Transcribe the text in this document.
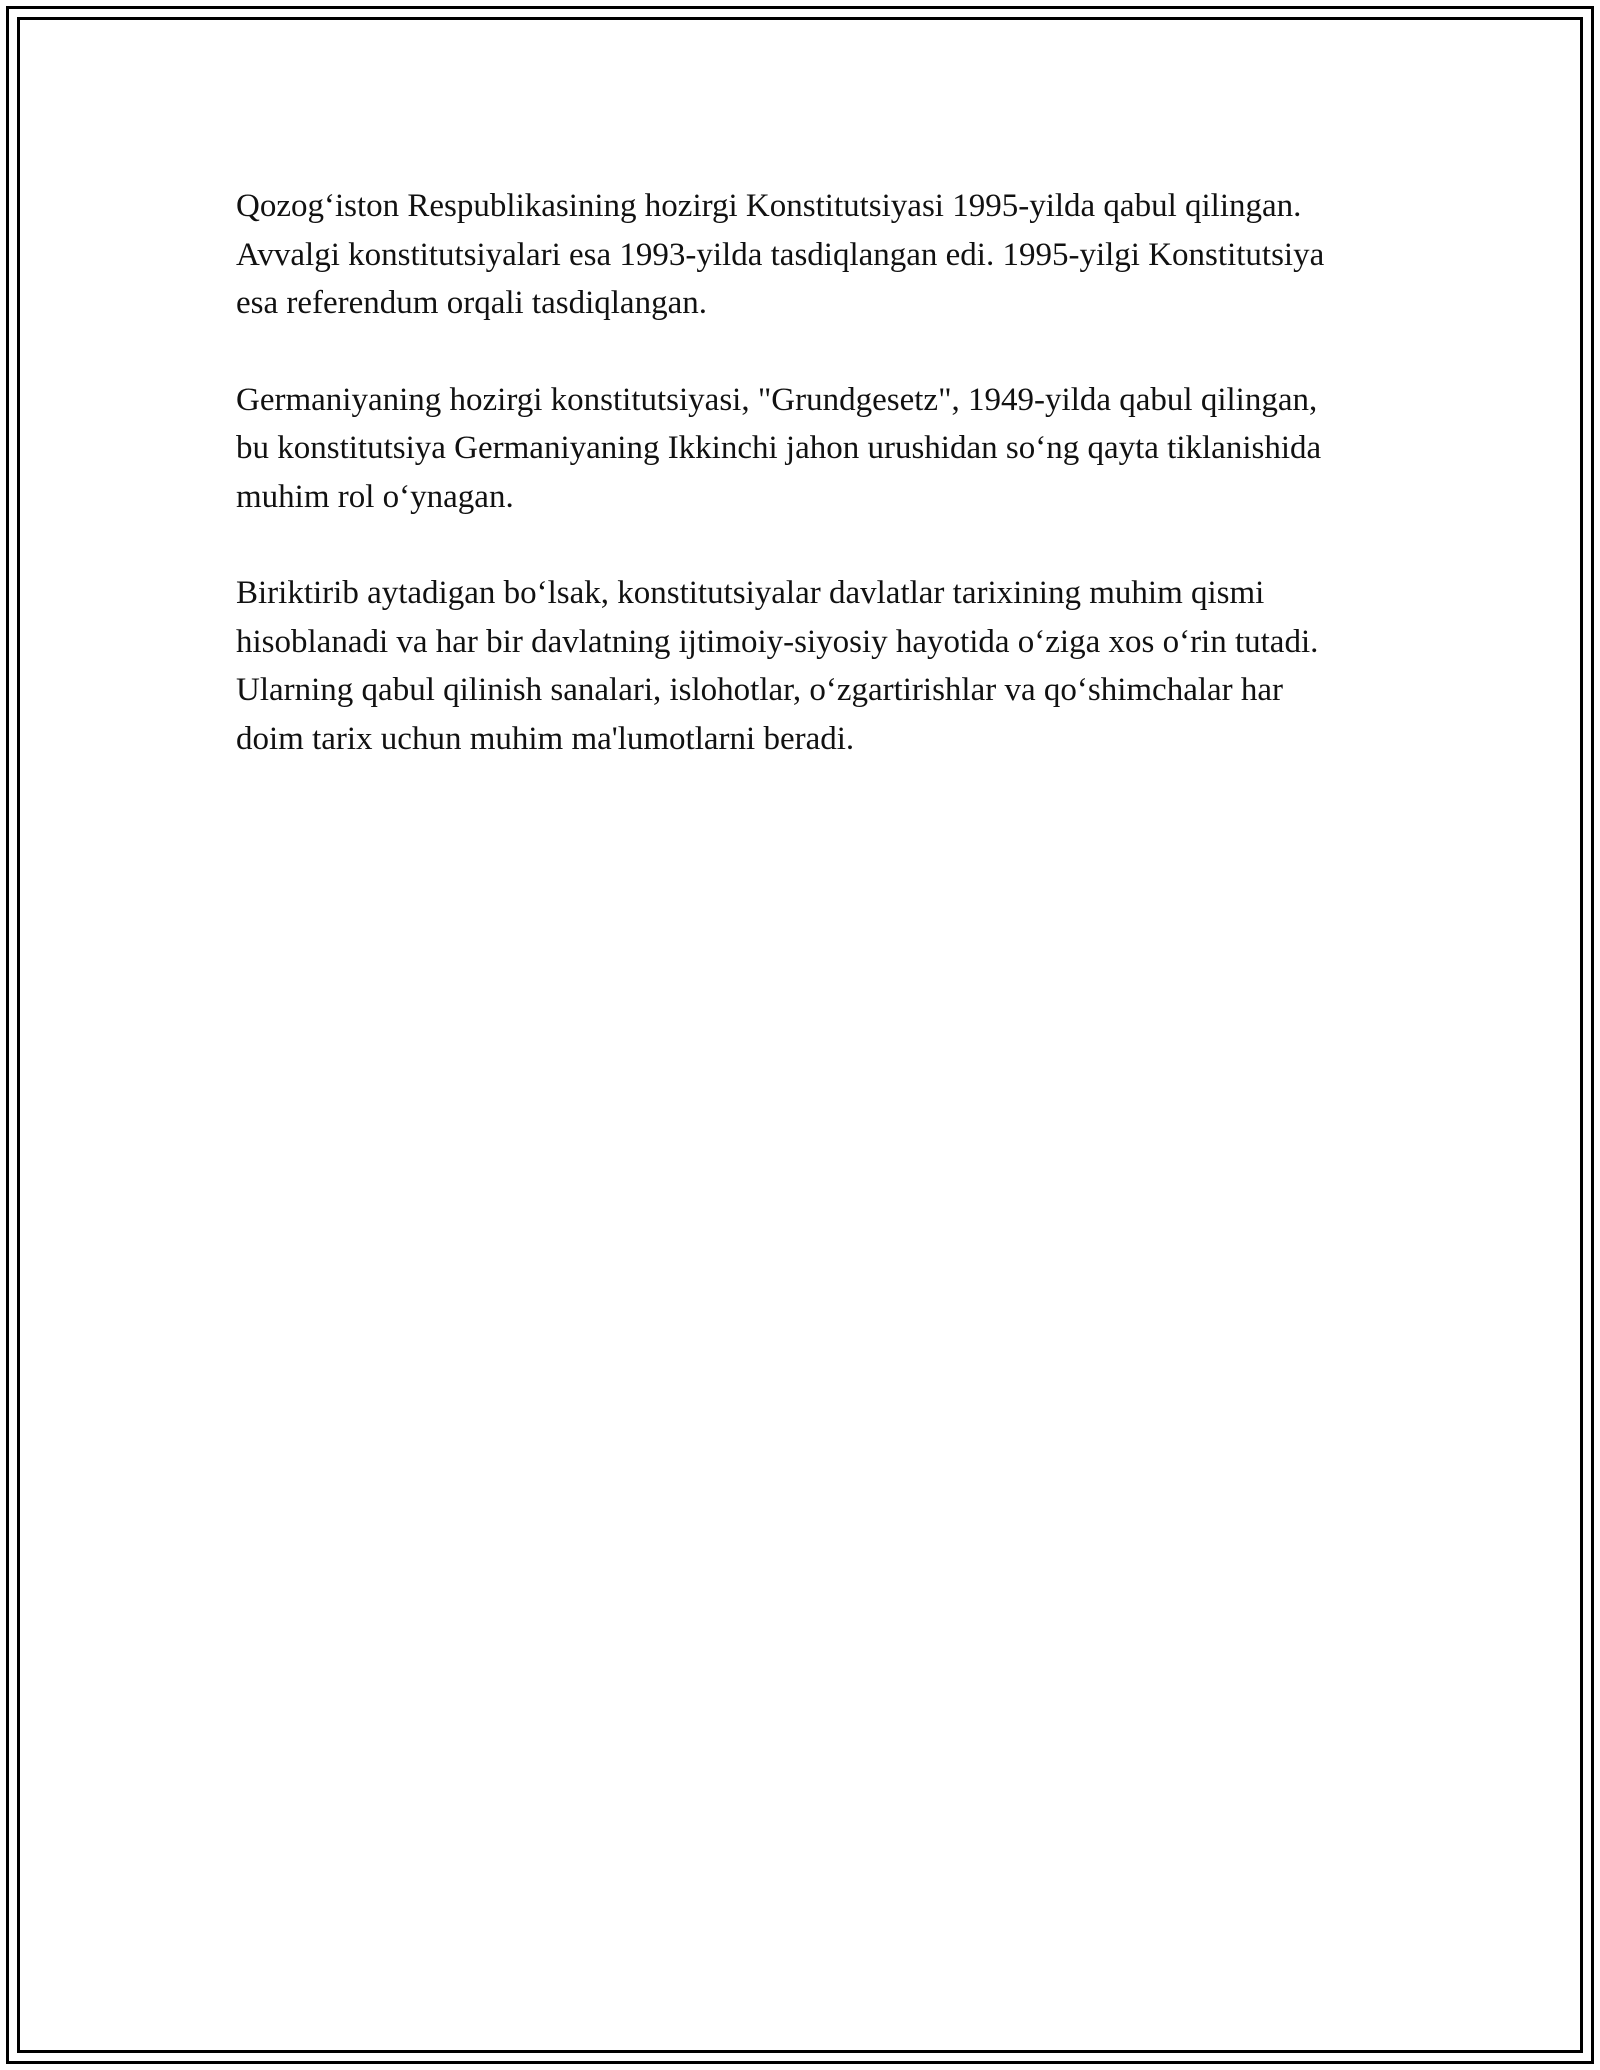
Qozog‘iston Respublikasining hozirgi Konstitutsiyasi 1995-yilda qabul qilingan. Avvalgi konstitutsiyalari esa 1993-yilda tasdiqlangan edi. 1995-yilgi Konstitutsiya esa referendum orqali tasdiqlangan.

Germaniyaning hozirgi konstitutsiyasi, "Grundgesetz", 1949-yilda qabul qilingan, bu konstitutsiya Germaniyaning Ikkinchi jahon urushidan so‘ng qayta tiklanishida muhim rol o‘ynagan.

Biriktirib aytadigan bo‘lsak, konstitutsiyalar davlatlar tarixining muhim qismi hisoblanadi va har bir davlatning ijtimoiy-siyosiy hayotida o‘ziga xos o‘rin tutadi. Ularning qabul qilinish sanalari, islohotlar, o‘zgartirishlar va qo‘shimchalar har doim tarix uchun muhim ma'lumotlarni beradi.
